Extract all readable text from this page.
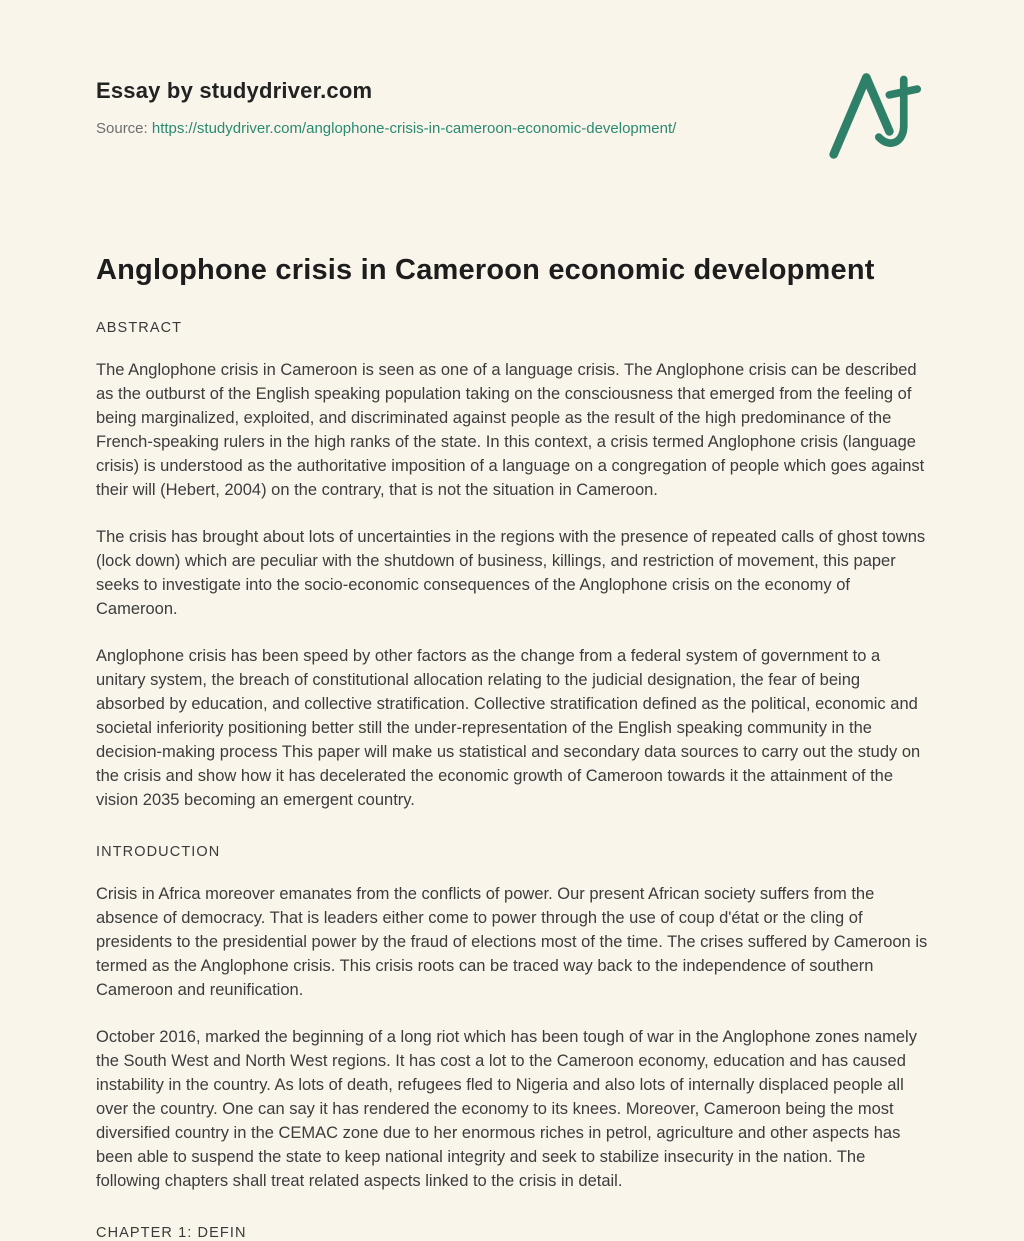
Essay by studydriver.com

Source: https://studydriver.com/anglophone-crisis-in-cameroon-economic-development/

Anglophone crisis in Cameroon economic development
ABSTRACT

The Anglophone crisis in Cameroon is seen as one of a language crisis. The Anglophone crisis can be described as the outburst of the English speaking population taking on the consciousness that emerged from the feeling of being marginalized, exploited, and discriminated against people as the result of the high predominance of the French-speaking rulers in the high ranks of the state. In this context, a crisis termed Anglophone crisis (language crisis) is understood as the authoritative imposition of a language on a congregation of people which goes against their will (Hebert, 2004) on the contrary, that is not the situation in Cameroon.

The crisis has brought about lots of uncertainties in the regions with the presence of repeated calls of ghost towns (lock down) which are peculiar with the shutdown of business, killings, and restriction of movement, this paper seeks to investigate into the socio-economic consequences of the Anglophone crisis on the economy of Cameroon.

Anglophone crisis has been speed by other factors as the change from a federal system of government to a unitary system, the breach of constitutional allocation relating to the judicial designation, the fear of being absorbed by education, and collective stratification. Collective stratification defined as the political, economic and societal inferiority positioning better still the under-representation of the English speaking community in the decision-making process This paper will make us statistical and secondary data sources to carry out the study on the crisis and show how it has decelerated the economic growth of Cameroon towards it the attainment of the vision 2035 becoming an emergent country.

INTRODUCTION

Crisis in Africa moreover emanates from the conflicts of power. Our present African society suffers from the absence of democracy. That is leaders either come to power through the use of coup d'état or the cling of presidents to the presidential power by the fraud of elections most of the time. The crises suffered by Cameroon is termed as the Anglophone crisis. This crisis roots can be traced way back to the independence of southern Cameroon and reunification.

October 2016, marked the beginning of a long riot which has been tough of war in the Anglophone zones namely the South West and North West regions. It has cost a lot to the Cameroon economy, education and has caused instability in the country. As lots of death, refugees fled to Nigeria and also lots of internally displaced people all over the country. One can say it has rendered the economy to its knees. Moreover, Cameroon being the most diversified country in the CEMAC zone due to her enormous riches in petrol, agriculture and other aspects has been able to suspend the state to keep national integrity and seek to stabilize insecurity in the nation. The following chapters shall treat related aspects linked to the crisis in detail.

CHAPTER 1: DEFIN
